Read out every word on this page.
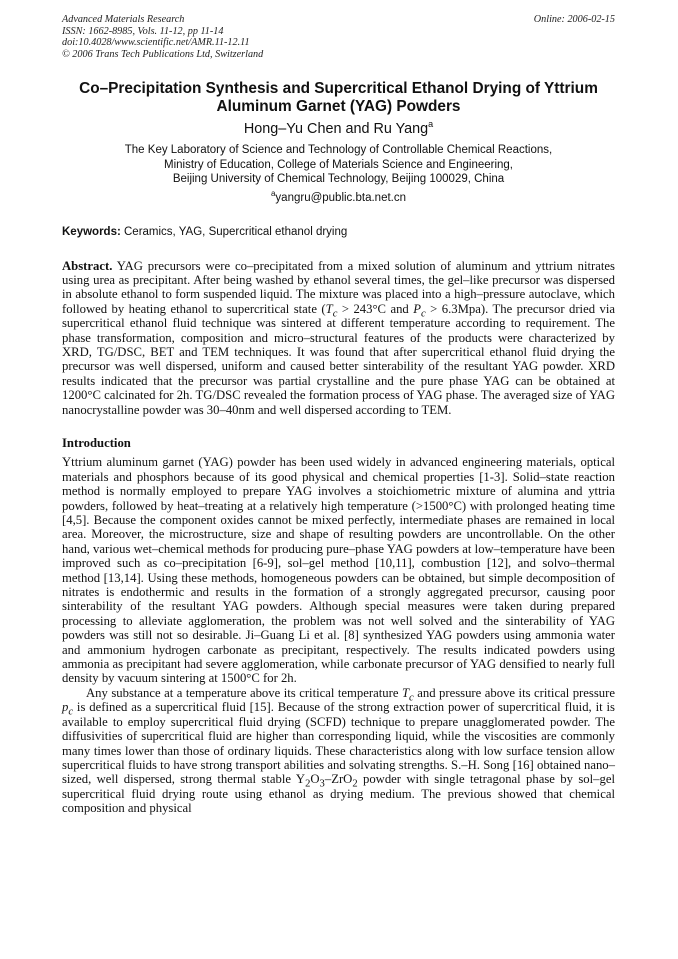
Advanced Materials Research
ISSN: 1662-8985, Vols. 11-12, pp 11-14
doi:10.4028/www.scientific.net/AMR.11-12.11
© 2006 Trans Tech Publications Ltd, Switzerland
Online: 2006-02-15
Co–Precipitation Synthesis and Supercritical Ethanol Drying of Yttrium
Aluminum Garnet (YAG) Powders
Hong–Yu Chen and Ru Yang$^a$
The Key Laboratory of Science and Technology of Controllable Chemical Reactions,
Ministry of Education, College of Materials Science and Engineering,
Beijing University of Chemical Technology, Beijing 100029, China
$^a$yangru@public.bta.net.cn
Keywords: Ceramics, YAG, Supercritical ethanol drying

Abstract. YAG precursors were co–precipitated from a mixed solution of aluminum and yttrium nitrates using urea as precipitant. After being washed by ethanol several times, the gel–like precursor was dispersed in absolute ethanol to form suspended liquid. The mixture was placed into a high–pressure autoclave, which followed by heating ethanol to supercritical state ($T_c > 243^\circ C$ and $P_c > 6.3Mpa$). The precursor dried via supercritical ethanol fluid technique was sintered at different temperature according to requirement. The phase transformation, composition and micro–structural features of the products were characterized by XRD, TG/DSC, BET and TEM techniques. It was found that after supercritical ethanol fluid drying the precursor was well dispersed, uniform and caused better sinterability of the resultant YAG powder. XRD results indicated that the precursor was partial crystalline and the pure phase YAG can be obtained at 1200°C calcinated for 2h. TG/DSC revealed the formation process of YAG phase. The averaged size of YAG nanocrystalline powder was 30–40nm and well dispersed according to TEM.

Introduction

Yttrium aluminum garnet (YAG) powder has been used widely in advanced engineering materials, optical materials and phosphors because of its good physical and chemical properties [1-3]. Solid–state reaction method is normally employed to prepare YAG involves a stoichiometric mixture of alumina and yttria powders, followed by heat–treating at a relatively high temperature (>1500°C) with prolonged heating time [4,5]. Because the component oxides cannot be mixed perfectly, intermediate phases are remained in local area. Moreover, the microstructure, size and shape of resulting powders are uncontrollable. On the other hand, various wet–chemical methods for producing pure–phase YAG powders at low–temperature have been improved such as co–precipitation [6-9], sol–gel method [10,11], combustion [12], and solvo–thermal method [13,14]. Using these methods, homogeneous powders can be obtained, but simple decomposition of nitrates is endothermic and results in the formation of a strongly aggregated precursor, causing poor sinterability of the resultant YAG powders. Although special measures were taken during prepared processing to alleviate agglomeration, the problem was not well solved and the sinterability of YAG powders was still not so desirable. Ji–Guang Li et al. [8] synthesized YAG powders using ammonia water and ammonium hydrogen carbonate as precipitant, respectively. The results indicated powders using ammonia as precipitant had severe agglomeration, while carbonate precursor of YAG densified to nearly full density by vacuum sintering at 1500°C for 2h.

Any substance at a temperature above its critical temperature $T_c$ and pressure above its critical pressure $p_c$ is defined as a supercritical fluid [15]. Because of the strong extraction power of supercritical fluid, it is available to employ supercritical fluid drying (SCFD) technique to prepare unagglomerated powder. The diffusivities of supercritical fluid are higher than corresponding liquid, while the viscosities are commonly many times lower than those of ordinary liquids. These characteristics along with low surface tension allow supercritical fluids to have strong transport abilities and solvating strengths. S.–H. Song [16] obtained nano–sized, well dispersed, strong thermal stable $Y_2O_3-ZrO_2$ powder with single tetragonal phase by sol–gel supercritical fluid drying route using ethanol as drying medium. The previous showed that chemical composition and physical
